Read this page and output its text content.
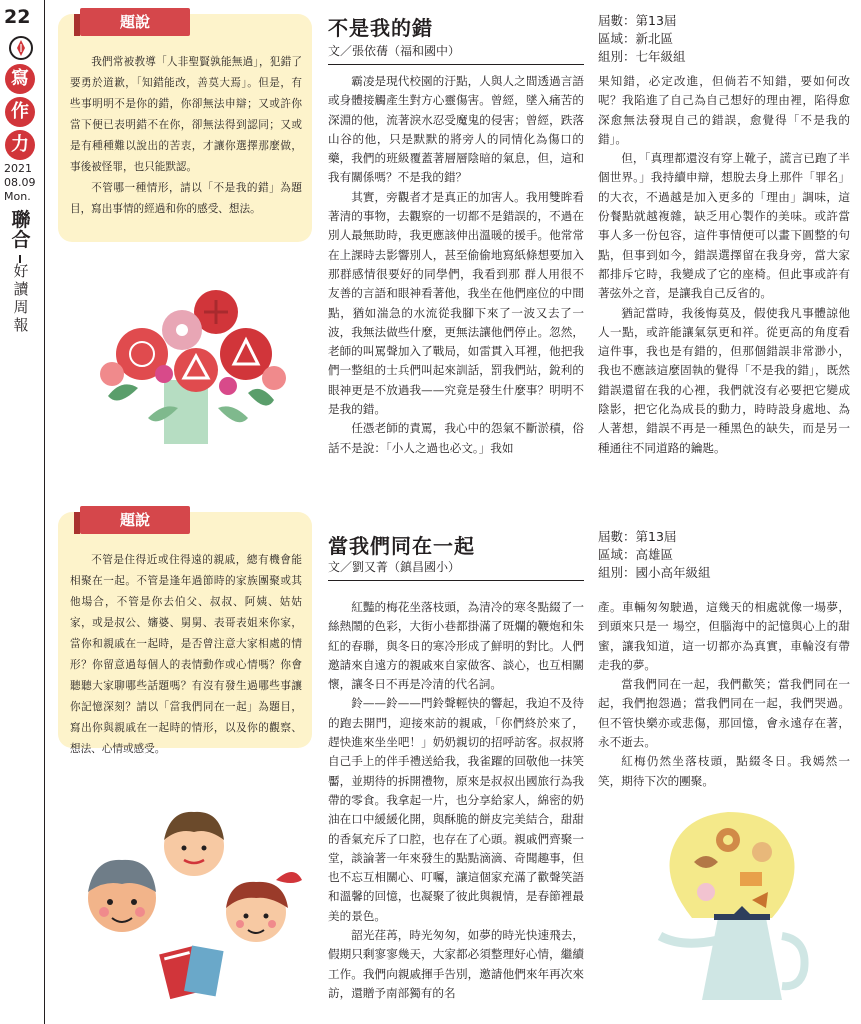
22
寫
作
力
2021
08.09
Mon.
聯
合
好
讀
周
報
題說

我們常被教導「人非聖賢孰能無過」，犯錯了要勇於道歉，「知錯能改，善莫大焉」。但是，有些事明明不是你的錯，你卻無法申辯；又或許你當下便已表明錯不在你，卻無法得到認同；又或是有種種難以說出的苦衷，才讓你選擇那麼做，事後被怪罪，也只能默認。

不管哪一種情形，請以「不是我的錯」為題目，寫出事情的經過和你的感受、想法。

不是我的錯
文／張依蒨（福和國中）
屆數：第13屆
區域：新北區
組別：七年級組

霸凌是現代校園的汙點，人與人之間透過言語或身體接觸產生對方心靈傷害。曾經，墜入痛苦的深淵的他，流著淚水忍受魔鬼的侵害；曾經，跌落山谷的他，只是默默的將旁人的同情化為傷口的藥，我們的班級覆蓋著層層陰暗的氣息，但，這和我有關係嗎？不是我的錯？

其實，旁觀者才是真正的加害人。我用雙眸看著清的事物，去觀察的一切都不是錯誤的，不過在別人最無助時，我更應該伸出溫暖的援手。他常常在上課時去影響別人，甚至偷偷地寫紙條想要加入那群感情很要好的同學們，我看到那 群人用很不友善的言語和眼神看著他，我坐在他們座位的中間點，猶如湍急的水流從我腳下來了一波又去了一波，我無法做些什麼，更無法讓他們停止。忽然，老師的叫罵聲加入了戰局，如雷貫入耳裡，他把我們一整組的士兵們叫起來訓話，罰我們站，銳利的眼神更是不放過我——究竟是發生什麼事？明明不是我的錯。

任憑老師的責罵，我心中的怨氣不斷淤積，俗話不是說：「小人之過也必文。」我如

果知錯，必定改進，但倘若不知錯，要如何改呢？我陷進了自己為自己想好的理由裡，陷得愈深愈無法發現自己的錯誤，愈覺得「不是我的錯」。

但，「真理都還沒有穿上靴子，謊言已跑了半個世界。」我持續申辯，想脫去身上那件「罪名」的大衣，不過越是加入更多的「理由」調味，這份餐點就越複雜，缺乏用心製作的美味。或許當事人多一份包容，這件事情便可以畫下圓整的句點，但事到如今，錯誤選擇留在我身旁，當大家都排斥它時，我變成了它的座椅。但此事或許有著弦外之音，是讓我自己反省的。

猶記當時，我後悔莫及，假使我凡事體諒他人一點，或許能讓氣氛更和祥。從更高的角度看這件事，我也是有錯的，但那個錯誤非常渺小，我也不應該這麼固執的覺得「不是我的錯」，既然錯誤還留在我的心裡，我們就沒有必要把它變成陰影，把它化為成長的動力，時時設身處地、為人著想，錯誤不再是一種黑色的缺失，而是另一種通往不同道路的鑰匙。

題說

不管是住得近或住得遠的親戚，總有機會能相聚在一起。不管是逢年過節時的家族團聚或其他場合，不管是你去伯父、叔叔、阿姨、姑姑家，或是叔公、嬸婆、舅舅、表哥表姐來你家，當你和親戚在一起時，是否曾注意大家相處的情形？你留意過每個人的表情動作或心情嗎？你會聽聽大家聊哪些話題嗎？有沒有發生過哪些事讓你記憶深刻？請以「當我們同在一起」為題目，寫出你與親戚在一起時的情形，以及你的觀察、想法、心情或感受。

當我們同在一起
文／劉又菁（鎮昌國小）
屆數：第13屆
區域：高雄區
組別：國小高年級組

紅豔的梅花坐落枝頭，為清冷的寒冬點綴了一絲熱鬧的色彩，大街小巷都掛滿了斑爛的鞭炮和朱紅的春聯，與冬日的寒冷形成了鮮明的對比。人們邀請來自遠方的親戚來自家做客、談心，也互相關懷，讓冬日不再是冷清的代名詞。

鈴——鈴——門鈴聲輕快的響起，我迫不及待的跑去開門，迎接來訪的親戚，「你們終於來了，趕快進來坐坐吧！」奶奶親切的招呼訪客。叔叔將自己手上的伴手禮送給我，我雀躍的回敬他一抹笑靨，並期待的拆開禮物，原來是叔叔出國旅行為我帶的零食。我拿起一片，也分享給家人，綿密的奶油在口中緩緩化開，與酥脆的餅皮完美結合，甜甜的香氣充斥了口腔，也存在了心頭。親戚們齊聚一堂，談論著一年來發生的點點滴滴、奇聞趣事，但也不忘互相關心、叮囑，讓這個家充滿了歡聲笑語和溫馨的回憶，也凝聚了彼此與親情，是春節裡最美的景色。

韶光荏苒，時光匆匆，如夢的時光快速飛去，假期只剩寥寥幾天，大家都必須整理好心情，繼續工作。我們向親戚揮手告別，邀請他們來年再次來訪，還贈予南部獨有的名

產。車輛匆匆駛過，這幾天的相處就像一場夢，到頭來只是一 場空，但腦海中的記憶與心上的甜蜜，讓我知道，這一切都亦為真實，車輪沒有帶走我的夢。

當我們同在一起，我們歡笑；當我們同在一起，我們抱怨過；當我們同在一起，我們哭過。但不管快樂亦或悲傷，那回憶，會永遠存在著，永不逝去。

紅梅仍然坐落枝頭，點綴冬日。我嫣然一笑，期待下次的團聚。
